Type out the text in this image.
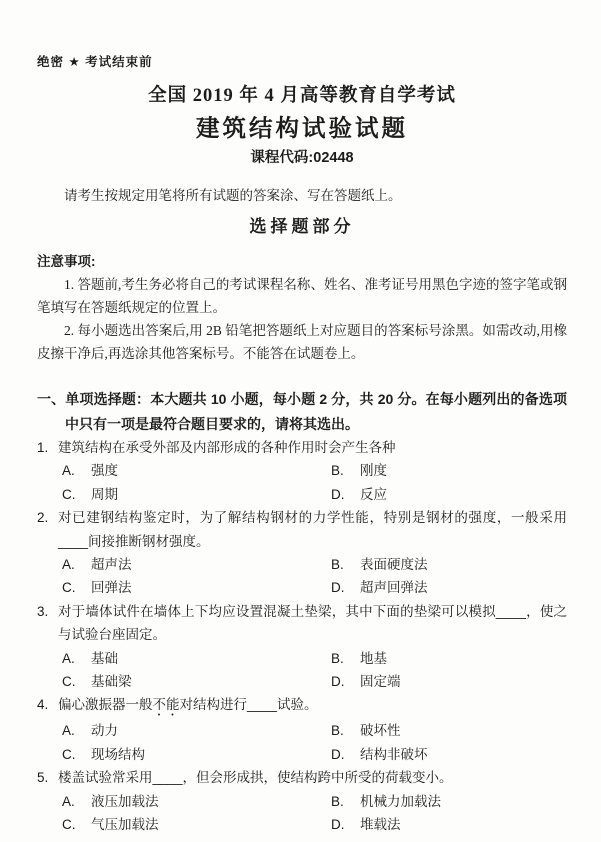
绝密 ★ 考试结束前
全国 2019 年 4 月高等教育自学考试
建筑结构试验试题
课程代码:02448

请考生按规定用笔将所有试题的答案涂、写在答题纸上。

选择题部分
注意事项:

1. 答题前,考生务必将自己的考试课程名称、姓名、准考证号用黑色字迹的签字笔或钢笔填写在答题纸规定的位置上。

2. 每小题选出答案后,用 2B 铅笔把答题纸上对应题目的答案标号涂黑。如需改动,用橡皮擦干净后,再选涂其他答案标号。不能答在试题卷上。

一、单项选择题：本大题共 10 小题，每小题 2 分，共 20 分。在每小题列出的备选项中只有一项是最符合题目要求的，请将其选出。
1. 建筑结构在承受外部及内部形成的各种作用时会产生各种
A. 强度	B. 刚度
C. 周期	D. 反应
2. 对已建钢结构鉴定时，为了解结构钢材的力学性能，特别是钢材的强度，一般采用____间接推断钢材强度。
A. 超声法	B. 表面硬度法
C. 回弹法	D. 超声回弹法
3. 对于墙体试件在墙体上下均应设置混凝土垫梁，其中下面的垫梁可以模拟____，使之与试验台座固定。
A. 基础	B. 地基
C. 基础梁	D. 固定端
4. 偏心激振器一般不能对结构进行____试验。
A. 动力	B. 破坏性
C. 现场结构	D. 结构非破坏
5. 楼盖试验常采用____，但会形成拱，使结构跨中所受的荷载变小。
A. 液压加载法	B. 机械力加载法
C. 气压加载法	D. 堆载法
